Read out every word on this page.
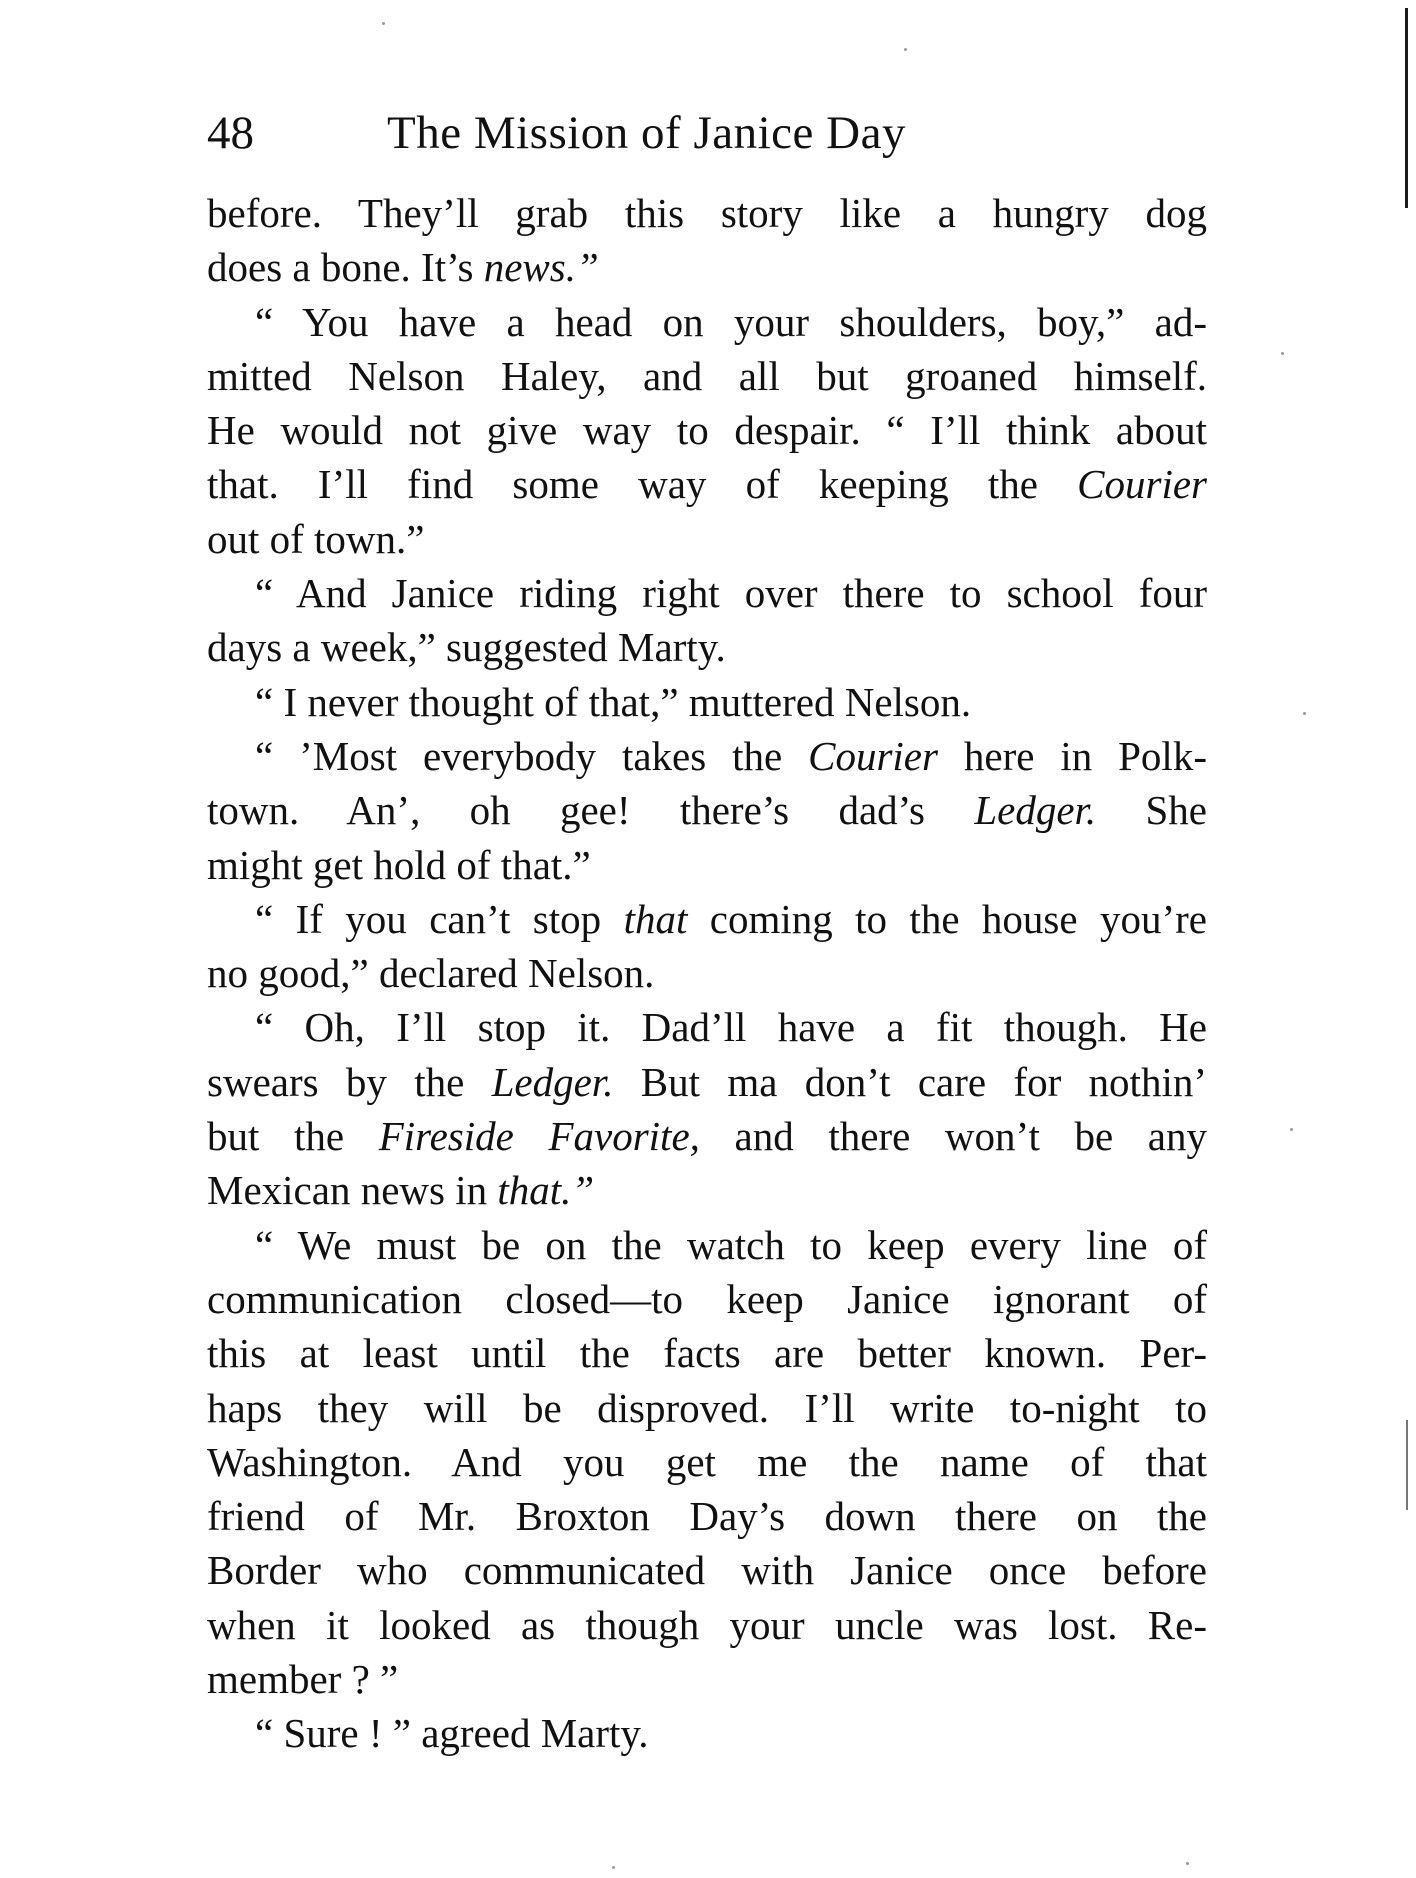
48	The Mission of Janice Day
before. They’ll grab this story like a hungry dog
does a bone. It’s news.”
“ You have a head on your shoulders, boy,” ad-
mitted Nelson Haley, and all but groaned himself.
He would not give way to despair. “ I’ll think about
that. I’ll find some way of keeping the Courier
out of town.”
“ And Janice riding right over there to school four
days a week,” suggested Marty.
“ I never thought of that,” muttered Nelson.
“ ’Most everybody takes the Courier here in Polk-
town. An’, oh gee! there’s dad’s Ledger. She
might get hold of that.”
“ If you can’t stop that coming to the house you’re
no good,” declared Nelson.
“ Oh, I’ll stop it. Dad’ll have a fit though. He
swears by the Ledger. But ma don’t care for nothin’
but the Fireside Favorite, and there won’t be any
Mexican news in that.”
“ We must be on the watch to keep every line of
communication closed—to keep Janice ignorant of
this at least until the facts are better known. Per-
haps they will be disproved. I’ll write to-night to
Washington. And you get me the name of that
friend of Mr. Broxton Day’s down there on the
Border who communicated with Janice once before
when it looked as though your uncle was lost. Re-
member ? ”
“ Sure ! ” agreed Marty.
